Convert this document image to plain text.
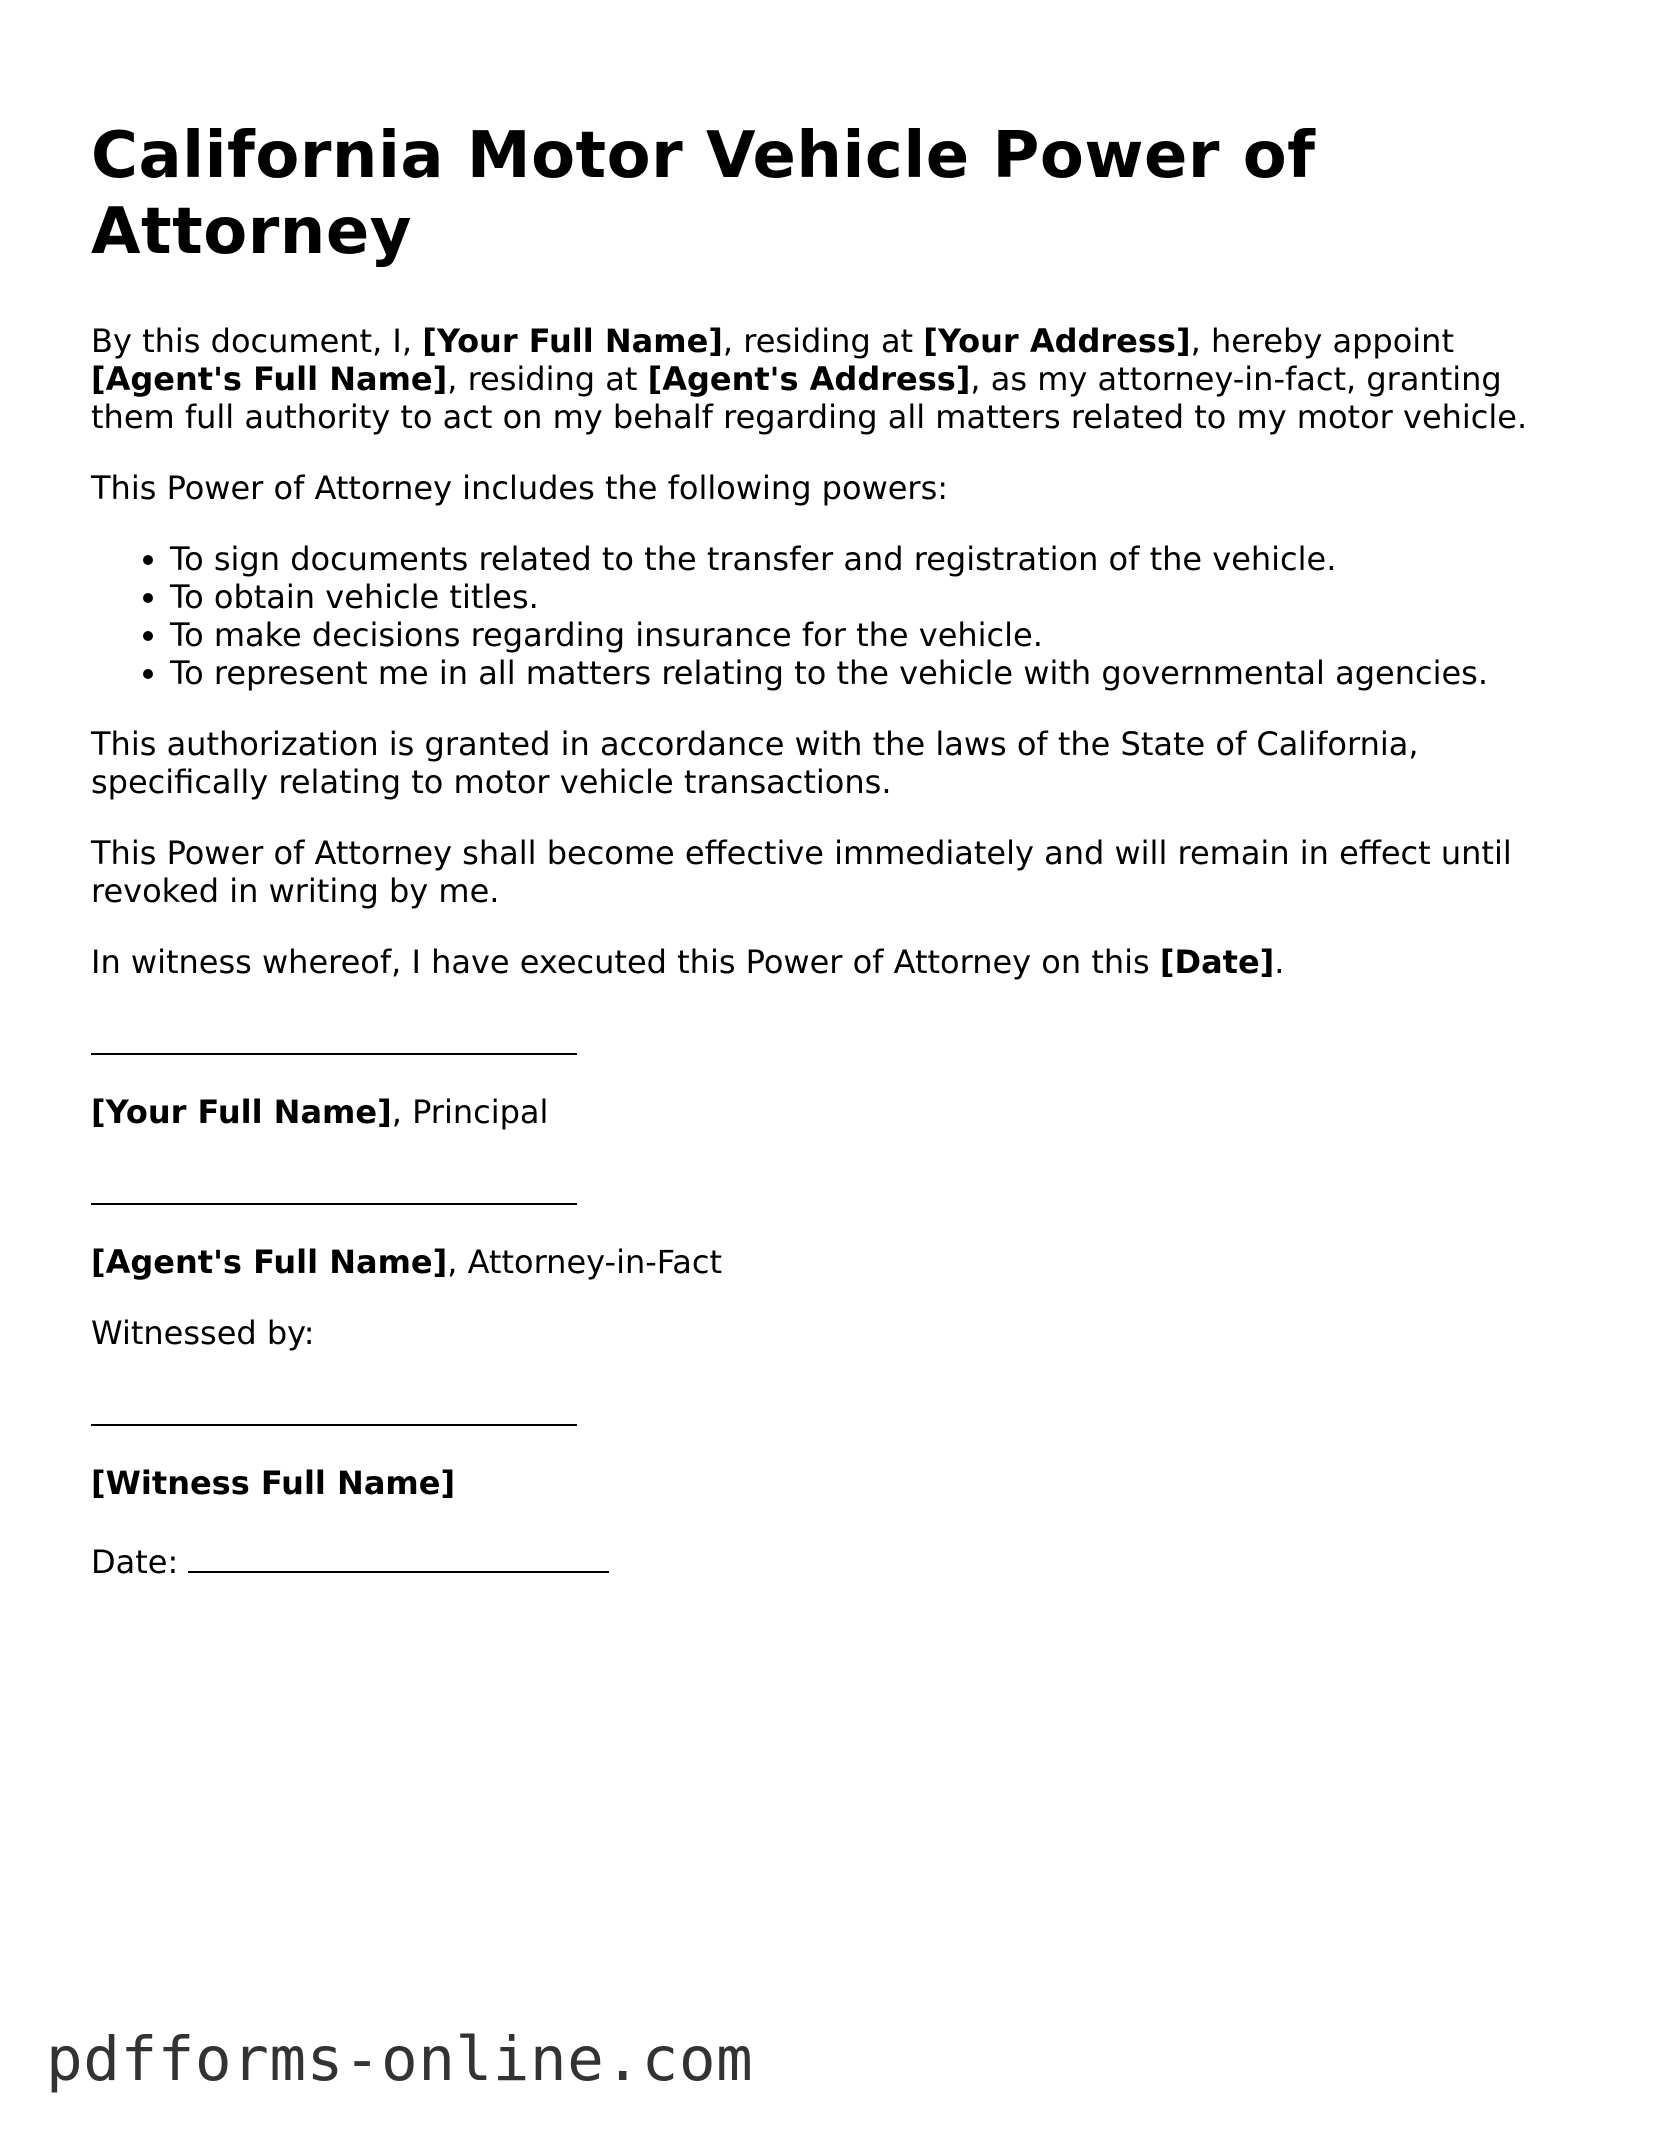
California Motor Vehicle Power of Attorney

By this document, I, [Your Full Name], residing at [Your Address], hereby appoint [Agent's Full Name], residing at [Agent's Address], as my attorney-in-fact, granting them full authority to act on my behalf regarding all matters related to my motor vehicle.

This Power of Attorney includes the following powers:

• To sign documents related to the transfer and registration of the vehicle.
• To obtain vehicle titles.
• To make decisions regarding insurance for the vehicle.
• To represent me in all matters relating to the vehicle with governmental agencies.

This authorization is granted in accordance with the laws of the State of California, specifically relating to motor vehicle transactions.

This Power of Attorney shall become effective immediately and will remain in effect until revoked in writing by me.

In witness whereof, I have executed this Power of Attorney on this [Date].

[Your Full Name], Principal

[Agent's Full Name], Attorney-in-Fact

Witnessed by:

[Witness Full Name]

Date:

pdfforms-online.com
